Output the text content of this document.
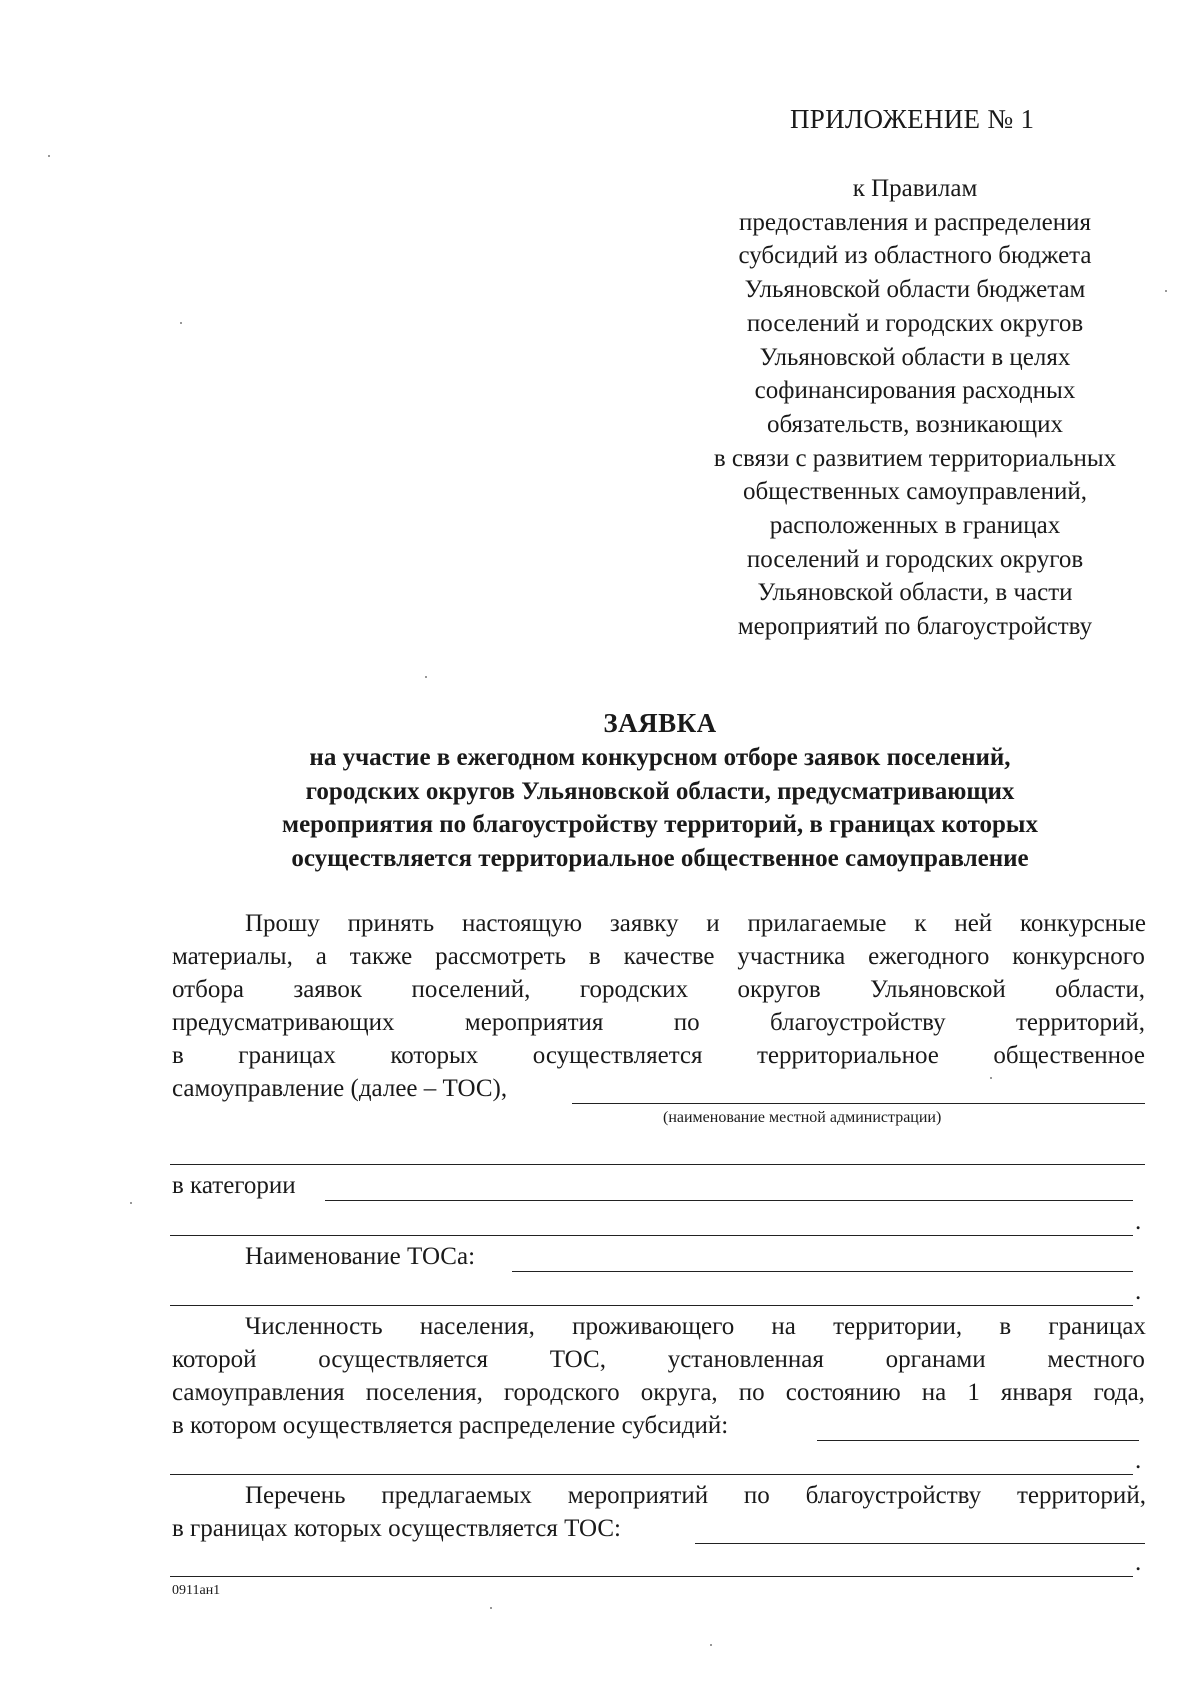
ПРИЛОЖЕНИЕ № 1
к Правилам
предоставления и распределения
субсидий из областного бюджета
Ульяновской области бюджетам
поселений и городских округов
Ульяновской области в целях
софинансирования расходных
обязательств, возникающих
в связи с развитием территориальных
общественных самоуправлений,
расположенных в границах
поселений и городских округов
Ульяновской области, в части
мероприятий по благоустройству
ЗАЯВКА
на участие в ежегодном конкурсном отборе заявок поселений,
городских округов Ульяновской области, предусматривающих
мероприятия по благоустройству территорий, в границах которых
осуществляется территориальное общественное самоуправление
Прошу принять настоящую заявку и прилагаемые к ней конкурсные
материалы, а также рассмотреть в качестве участника ежегодного конкурсного
отбора заявок поселений, городских округов Ульяновской области,
предусматривающих	мероприятия	по	благоустройству	территорий,
в границах которых осуществляется территориальное общественное
самоуправление (далее – ТОС),
(наименование местной администрации)
в категории
.
Наименование ТОСа:
.
Численность населения, проживающего на территории, в границах
которой осуществляется ТОС, установленная органами местного
самоуправления поселения, городского округа, по состоянию на 1 января года,
в котором осуществляется распределение субсидий:
.
Перечень предлагаемых мероприятий по благоустройству территорий,
в границах которых осуществляется ТОС:
.
0911ан1
